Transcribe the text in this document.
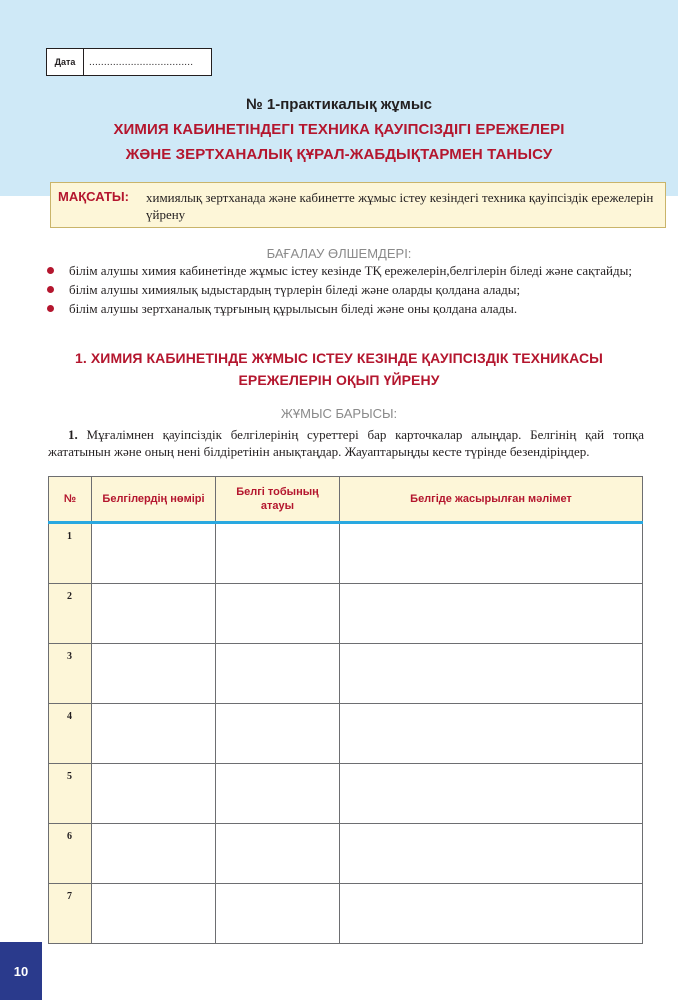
Дата	...................................
№ 1-практикалық жұмыс
ХИМИЯ КАБИНЕТІНДЕГІ ТЕХНИКА ҚАУІПСІЗДІГІ ЕРЕЖЕЛЕРІ
ЖӘНЕ ЗЕРТХАНАЛЫҚ ҚҰРАЛ-ЖАБДЫҚТАРМЕН ТАНЫСУ
МАҚСАТЫ: химиялық зертханада және кабинетте жұмыс істеу кезіндегі техника қауіпсіздік ережелерін үйрену
БАҒАЛАУ ӨЛШЕМДЕРІ:
білім алушы химия кабинетінде жұмыс істеу кезінде ТҚ ережелерін,белгілерін біледі және сақтайды;
білім алушы химиялық ыдыстардың түрлерін біледі және оларды қолдана алады;
білім алушы зертханалық тұрғының құрылысын біледі және оны қолдана алады.
1. ХИМИЯ КАБИНЕТІНДЕ ЖҰМЫС ІСТЕУ КЕЗІНДЕ ҚАУІПСІЗДІК ТЕХНИКАСЫ
ЕРЕЖЕЛЕРІН ОҚЫП ҮЙРЕНУ
ЖҰМЫС БАРЫСЫ:
1. Мұғалімнен қауіпсіздік белгілерінің суреттері бар карточкалар алыңдар. Белгінің қай топқа жататынын және оның нені білдіретінін анықтаңдар. Жауаптарыңды кесте түрінде безендіріңдер.
№	Белгілердің нөмірі	Белгі тобының атауы	Белгіде жасырылған мәлімет
1			
2			
3			
4			
5			
6			
7			
10
